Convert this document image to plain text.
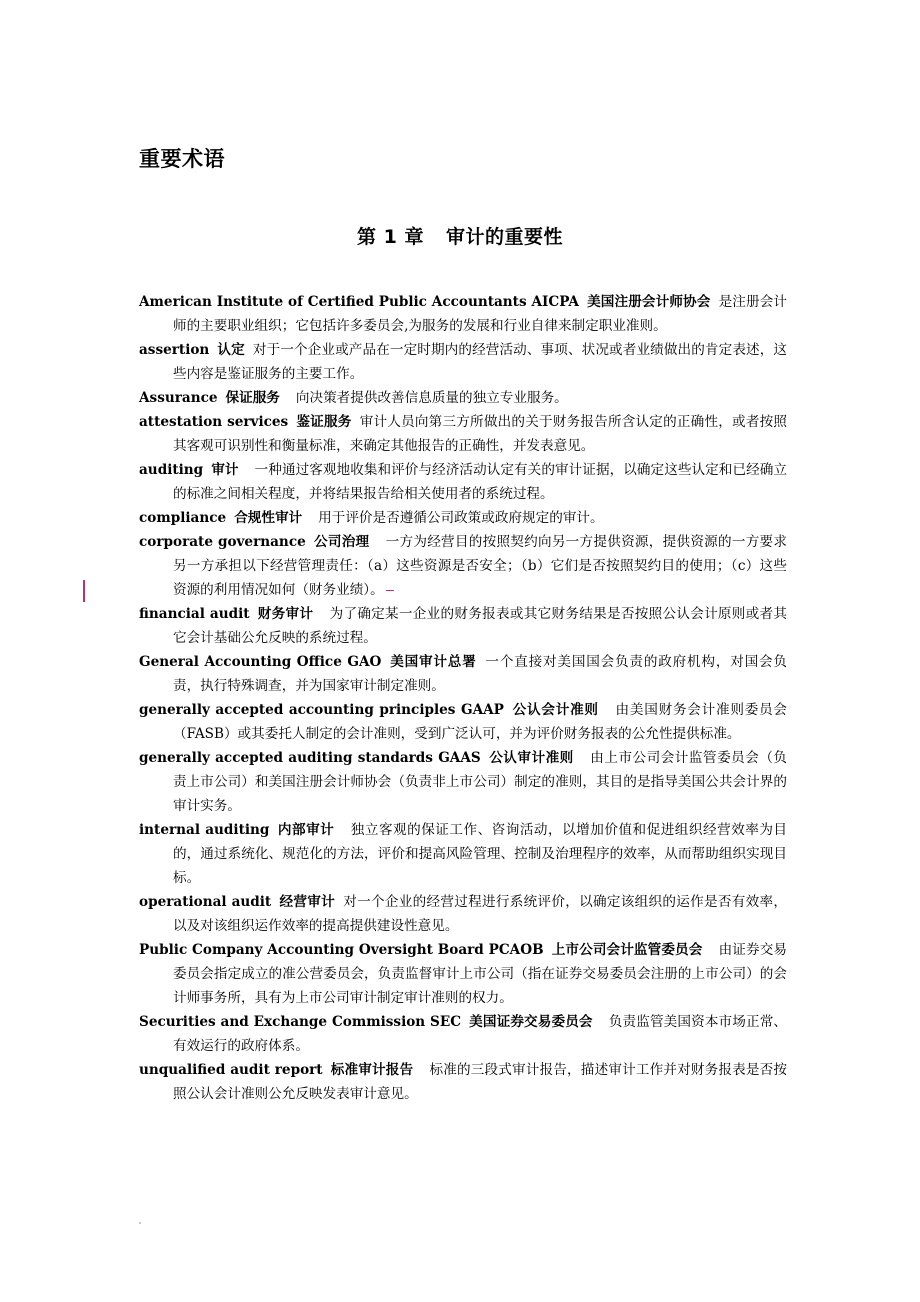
重要术语
第 1 章 审计的重要性

American Institute of Certified Public Accountants AICPA 美国注册会计师协会 是注册会计师的主要职业组织；它包括许多委员会,为服务的发展和行业自律来制定职业准则。

assertion 认定 对于一个企业或产品在一定时期内的经营活动、事项、状况或者业绩做出的肯定表述，这些内容是鉴证服务的主要工作。

Assurance 保证服务 向决策者提供改善信息质量的独立专业服务。

attestation services 鉴证服务 审计人员向第三方所做出的关于财务报告所含认定的正确性，或者按照其客观可识别性和衡量标准，来确定其他报告的正确性，并发表意见。

auditing 审计 一种通过客观地收集和评价与经济活动认定有关的审计证据，以确定这些认定和已经确立的标准之间相关程度，并将结果报告给相关使用者的系统过程。

compliance 合规性审计 用于评价是否遵循公司政策或政府规定的审计。

corporate governance 公司治理 一方为经营目的按照契约向另一方提供资源，提供资源的一方要求另一方承担以下经营管理责任：（a）这些资源是否安全；（b）它们是否按照契约目的使用；（c）这些资源的利用情况如何（财务业绩）。

financial audit 财务审计 为了确定某一企业的财务报表或其它财务结果是否按照公认会计原则或者其它会计基础公允反映的系统过程。

General Accounting Office GAO 美国审计总署 一个直接对美国国会负责的政府机构，对国会负责，执行特殊调查，并为国家审计制定准则。

generally accepted accounting principles GAAP 公认会计准则 由美国财务会计准则委员会（FASB）或其委托人制定的会计准则，受到广泛认可，并为评价财务报表的公允性提供标准。

generally accepted auditing standards GAAS 公认审计准则 由上市公司会计监管委员会（负责上市公司）和美国注册会计师协会（负责非上市公司）制定的准则，其目的是指导美国公共会计界的审计实务。

internal auditing 内部审计 独立客观的保证工作、咨询活动，以增加价值和促进组织经营效率为目的，通过系统化、规范化的方法，评价和提高风险管理、控制及治理程序的效率，从而帮助组织实现目标。

operational audit 经营审计 对一个企业的经营过程进行系统评价，以确定该组织的运作是否有效率，以及对该组织运作效率的提高提供建设性意见。

Public Company Accounting Oversight Board PCAOB 上市公司会计监管委员会 由证券交易委员会指定成立的准公营委员会，负责监督审计上市公司（指在证券交易委员会注册的上市公司）的会计师事务所，具有为上市公司审计制定审计准则的权力。

Securities and Exchange Commission SEC 美国证券交易委员会 负责监管美国资本市场正常、有效运行的政府体系。

unqualified audit report 标准审计报告 标准的三段式审计报告，描述审计工作并对财务报表是否按照公认会计准则公允反映发表审计意见。
